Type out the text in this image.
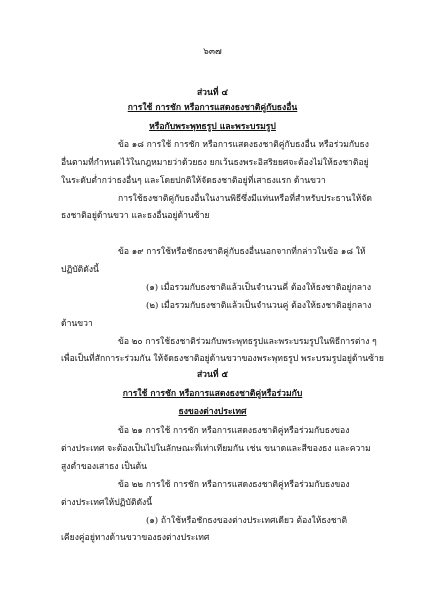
๖๓๗
ส่วนที่ ๔
การใช้ การชัก หรือการแสดงธงชาติคู่กับธงอื่น
หรือกับพระพุทธรูป และพระบรมรูป
ข้อ ๑๘ การใช้ การชัก หรือการแสดงธงชาติคู่กับธงอื่น หรือร่วมกับธง
อื่นตามที่กำหนดไว้ในกฎหมายว่าด้วยธง ยกเว้นธงพระอิสริยยศจะต้องไม่ให้ธงชาติอยู่
ในระดับต่ำกว่าธงอื่นๆ และโดยปกติให้จัดธงชาติอยู่ที่เสาธงแรก ด้านขวา
การใช้ธงชาติคู่กับธงอื่นในงานพิธีซึ่งมีแท่นหรือที่สำหรับประธานให้จัด
ธงชาติอยู่ด้านขวา และธงอื่นอยู่ด้านซ้าย
ข้อ ๑๙ การใช้หรือชักธงชาติคู่กับธงอื่นนอกจากที่กล่าวในข้อ ๑๘ ให้
ปฏิบัติดังนี้
(๑) เมื่อรวมกับธงชาติแล้วเป็นจำนวนคี่ ต้องให้ธงชาติอยู่กลาง
(๒) เมื่อรวมกับธงชาติแล้วเป็นจำนวนคู่ ต้องให้ธงชาติอยู่กลาง
ด้านขวา
ข้อ ๒๐ การใช้ธงชาติร่วมกับพระพุทธรูปและพระบรมรูปในพิธีการต่าง ๆ
เพื่อเป็นที่สักการะร่วมกัน ให้จัดธงชาติอยู่ด้านขวาของพระพุทธรูป พระบรมรูปอยู่ด้านซ้าย
ส่วนที่ ๕
การใช้ การชัก หรือการแสดงธงชาติคู่หรือร่วมกับ
ธงของต่างประเทศ
ข้อ ๒๑ การใช้ การชัก หรือการแสดงธงชาติคู่หรือร่วมกับธงของ
ต่างประเทศ จะต้องเป็นไปในลักษณะที่เท่าเทียมกัน เช่น ขนาดและสีของธง และความ
สูงต่ำของเสาธง เป็นต้น
ข้อ ๒๒ การใช้ การชัก หรือการแสดงธงชาติคู่หรือร่วมกับธงของ
ต่างประเทศให้ปฏิบัติดังนี้
(๑) ถ้าใช้หรือชักธงของต่างประเทศเดียว ต้องให้ธงชาติ
เคียงคู่อยู่ทางด้านขวาของธงต่างประเทศ
